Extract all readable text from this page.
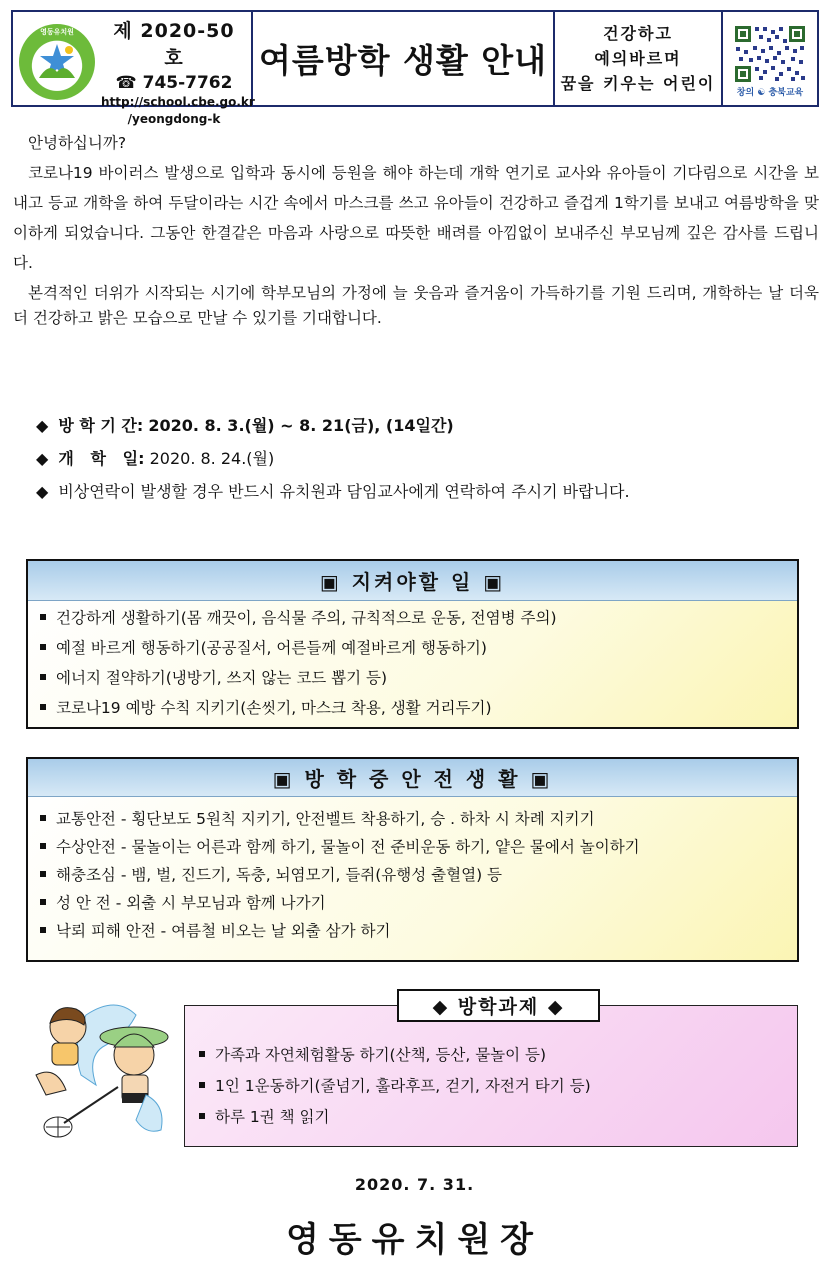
영동유치원	제 2020-50 호
☎ 745-7762
http://school.cbe.go.kr
/yeongdong-k
여름방학 생활 안내
건강하고
예의바르며
꿈을 키우는 어린이 창의 ☯ 충북교육

안녕하십니까?

코로나19 바이러스 발생으로 입학과 동시에 등원을 해야 하는데 개학 연기로 교사와 유아들이 기다림으로 시간을 보내고 등교 개학을 하여 두달이라는 시간 속에서 마스크를 쓰고 유아들이 건강하고 즐겁게 1학기를 보내고 여름방학을 맞이하게 되었습니다. 그동안 한결같은 마음과 사랑으로 따뜻한 배려를 아낌없이 보내주신 부모님께 깊은 감사를 드립니다.

본격적인 더위가 시작되는 시기에 학부모님의 가정에 늘 웃음과 즐거움이 가득하기를 기원 드리며, 개학하는 날 더욱 더 건강하고 밝은 모습으로 만날 수 있기를 기대합니다.

◆ 방 학 기 간: 2020. 8. 3.(월) ~ 8. 21(금), (14일간)
◆ 개   학   일: 2020. 8. 24.(월)
◆ 비상연락이 발생할 경우 반드시 유치원과 담임교사에게 연락하여 주시기 바랍니다.
▣ 지켜야할 일 ▣
건강하게 생활하기(몸 깨끗이, 음식물 주의, 규칙적으로 운동, 전염병 주의)
예절 바르게 행동하기(공공질서, 어른들께 예절바르게 행동하기)
에너지 절약하기(냉방기, 쓰지 않는 코드 뽑기 등)
코로나19 예방 수칙 지키기(손씻기, 마스크 착용, 생활 거리두기)
▣ 방 학 중 안 전 생 활 ▣
교통안전 - 횡단보도 5원칙 지키기, 안전벨트 착용하기, 승 . 하차 시 차례 지키기
수상안전 - 물놀이는 어른과 함께 하기, 물놀이 전 준비운동 하기, 얕은 물에서 놀이하기
해충조심 - 뱀, 벌, 진드기, 독충, 뇌염모기, 들쥐(유행성 출혈열) 등
성 안 전 - 외출 시 부모님과 함께 나가기
낙뢰 피해 안전 - 여름철 비오는 날 외출 삼가 하기
가족과 자연체험활동 하기(산책, 등산, 물놀이 등)
1인 1운동하기(줄넘기, 훌라후프, 걷기, 자전거 타기 등)
하루 1권 책 읽기
◆ 방학과제 ◆
2020. 7. 31.
영동유치원장
